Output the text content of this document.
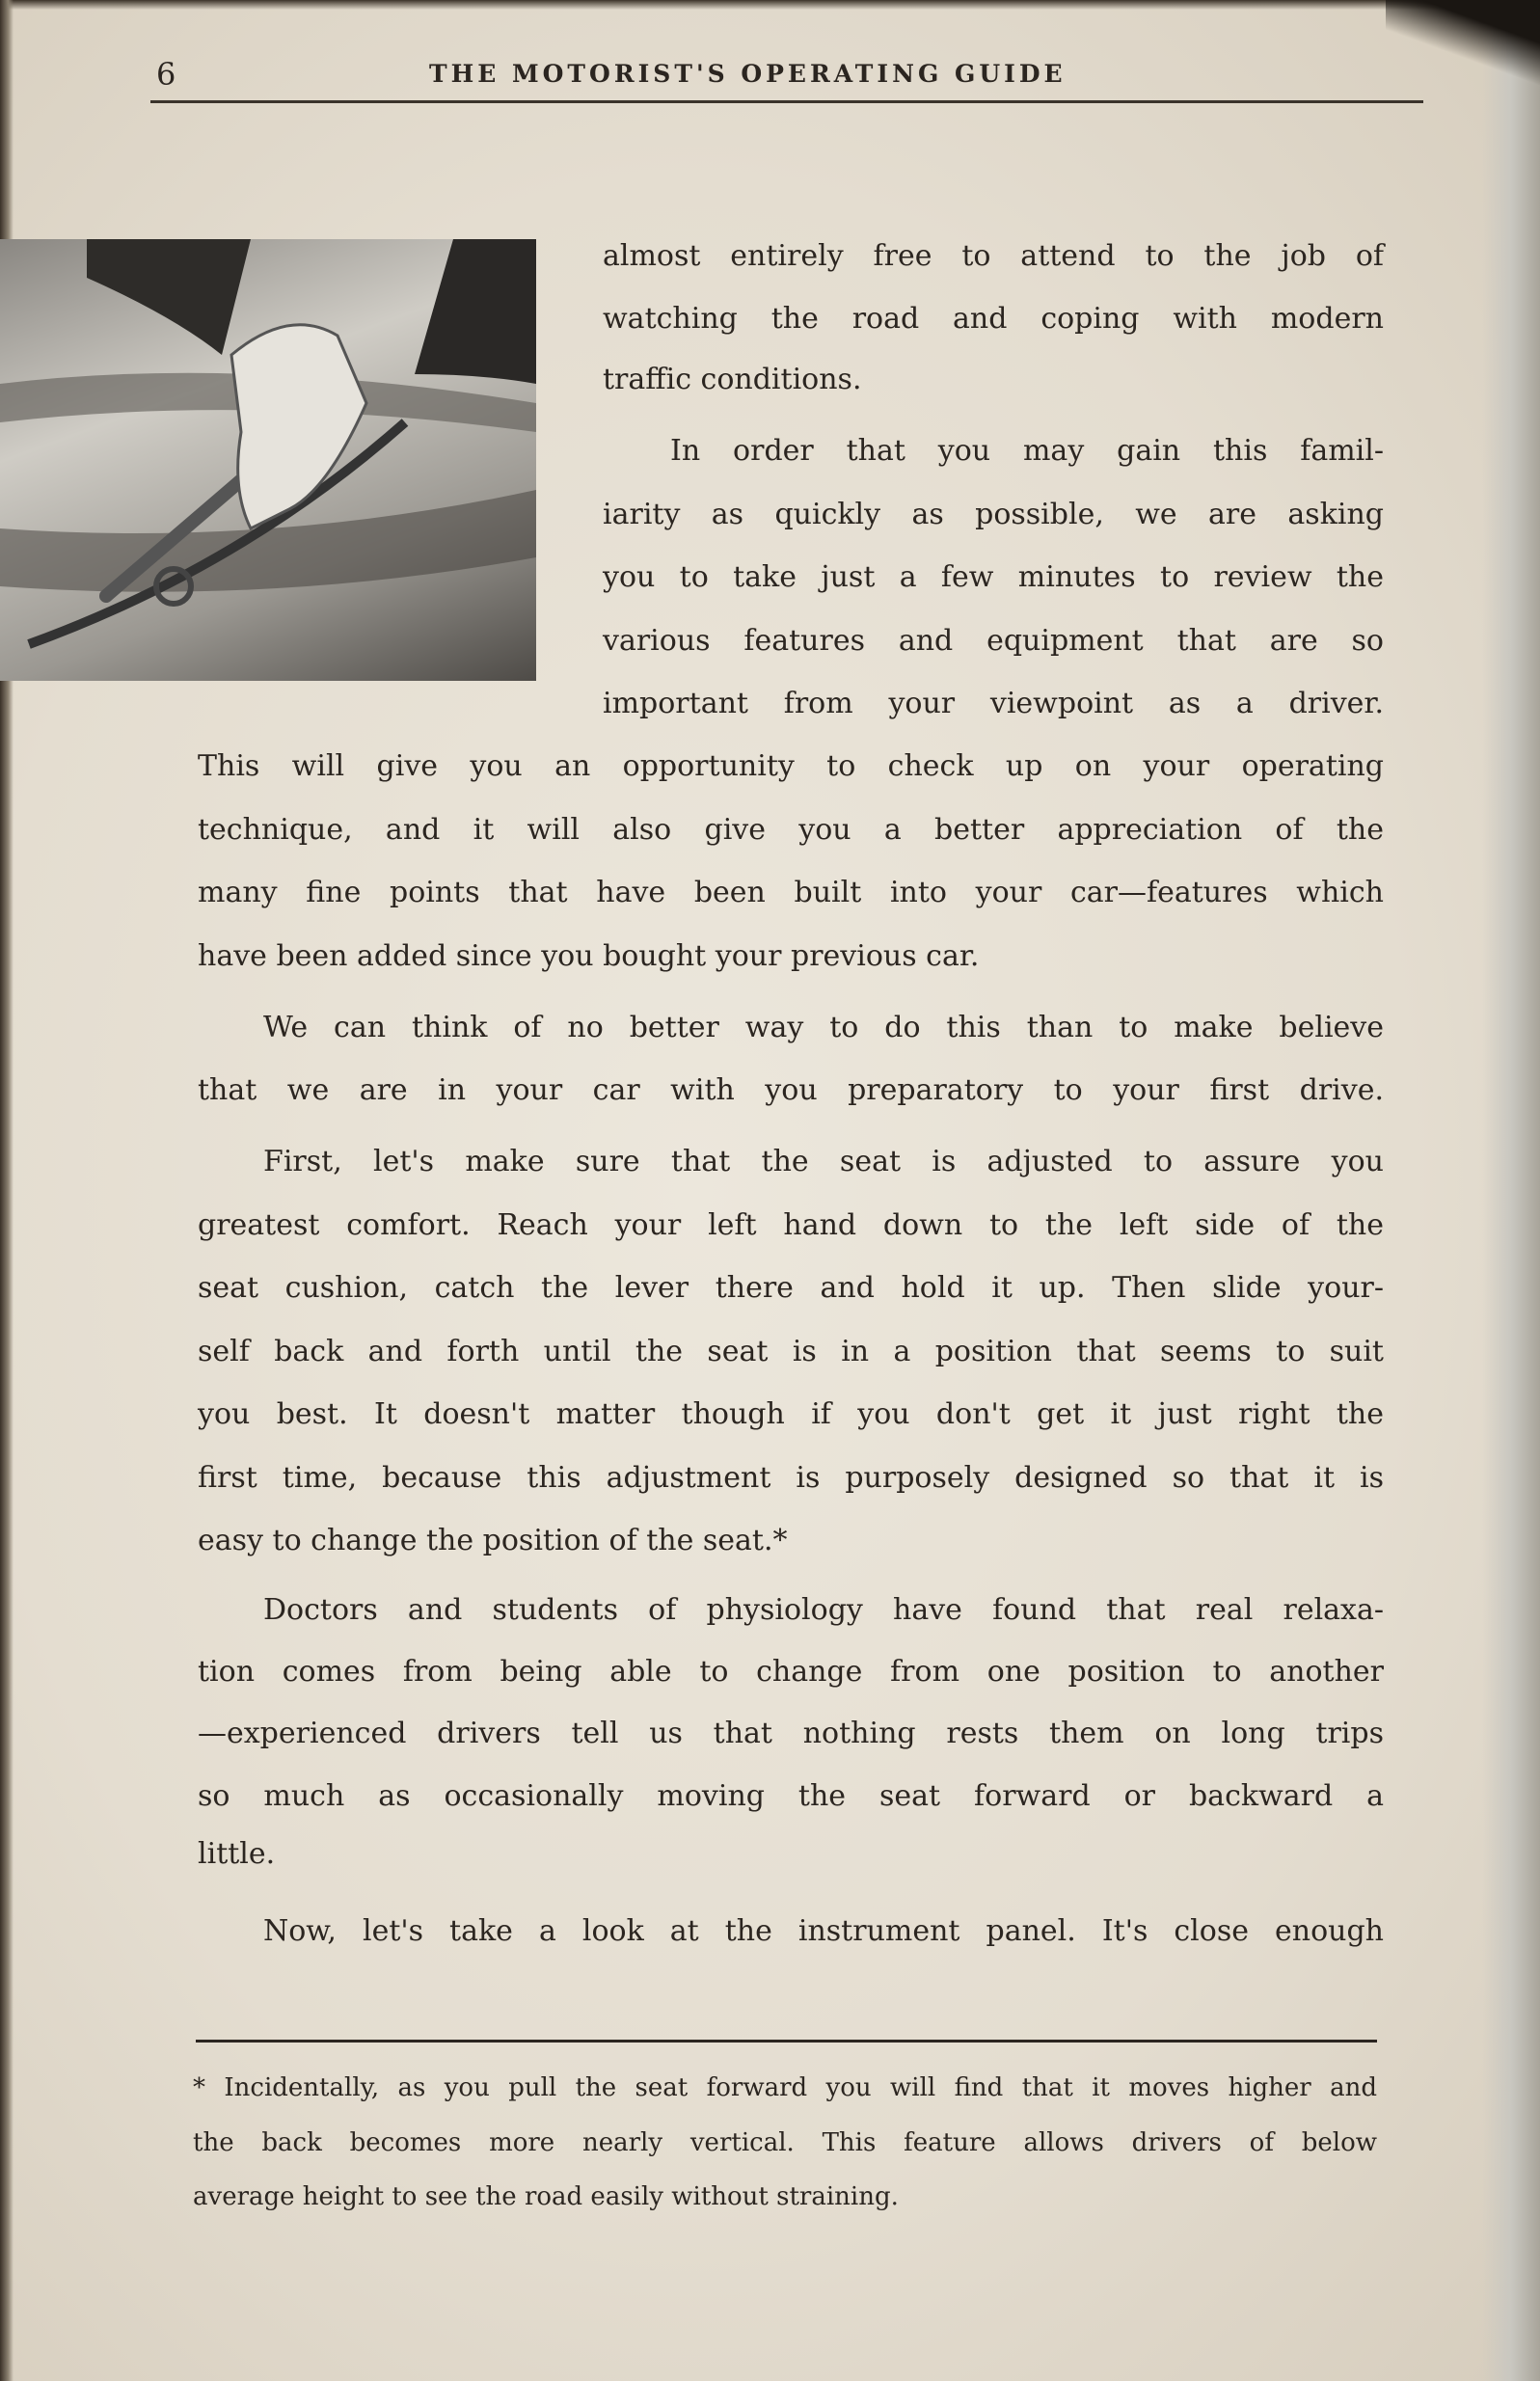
6	THE MOTORIST'S OPERATING GUIDE
almost entirely free to attend to the job of
watching the road and coping with modern
traffic conditions.
In order that you may gain this famil-
iarity as quickly as possible, we are asking
you to take just a few minutes to review the
various features and equipment that are so
important from your viewpoint as a driver.
This will give you an opportunity to check up on your operating
technique, and it will also give you a better appreciation of the
many fine points that have been built into your car—features which
have been added since you bought your previous car.
We can think of no better way to do this than to make believe
that we are in your car with you preparatory to your first drive.
First, let's make sure that the seat is adjusted to assure you
greatest comfort. Reach your left hand down to the left side of the
seat cushion, catch the lever there and hold it up. Then slide your-
self back and forth until the seat is in a position that seems to suit
you best. It doesn't matter though if you don't get it just right the
first time, because this adjustment is purposely designed so that it is
easy to change the position of the seat.*
Doctors and students of physiology have found that real relaxa-
tion comes from being able to change from one position to another
—experienced drivers tell us that nothing rests them on long trips
so much as occasionally moving the seat forward or backward a
little.
Now, let's take a look at the instrument panel. It's close enough
* Incidentally, as you pull the seat forward you will find that it moves higher and
the back becomes more nearly vertical. This feature allows drivers of below
average height to see the road easily without straining.
